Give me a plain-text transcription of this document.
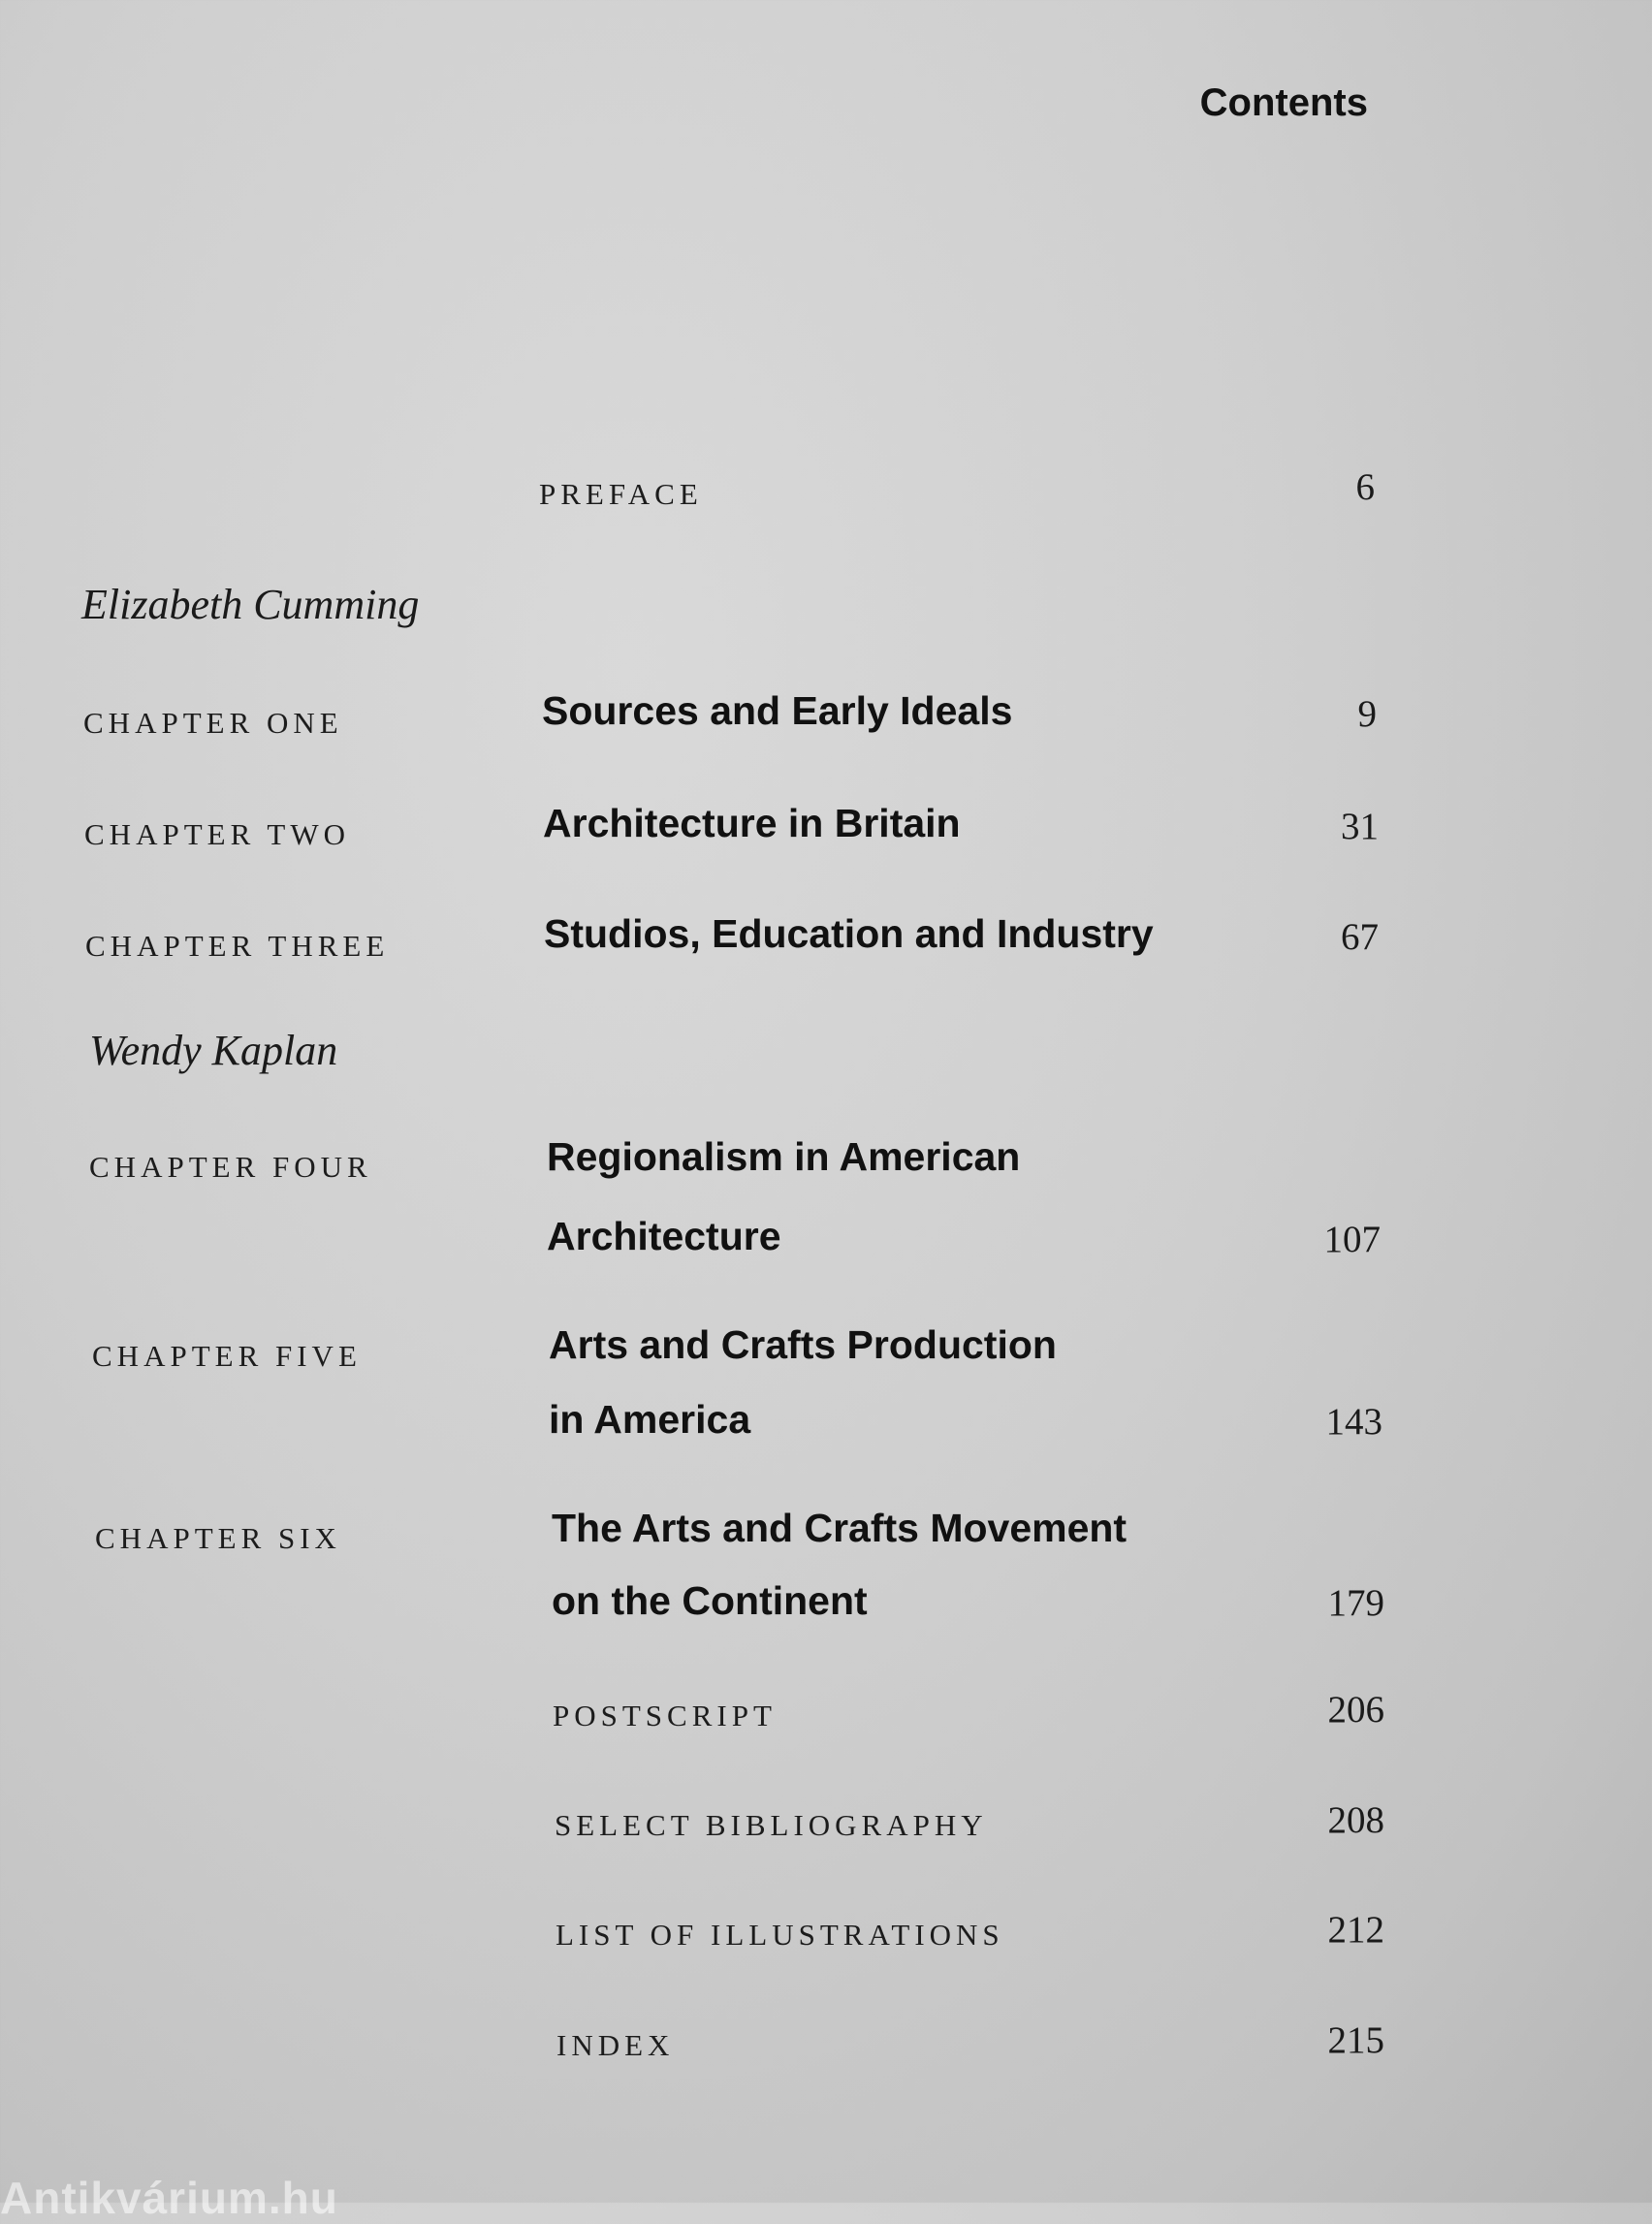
Contents
PREFACE	6
Elizabeth Cumming
CHAPTER ONE	Sources and Early Ideals	9
CHAPTER TWO	Architecture in Britain	31
CHAPTER THREE	Studios, Education and Industry	67
Wendy Kaplan
CHAPTER FOUR	Regionalism in American
Architecture	107
CHAPTER FIVE	Arts and Crafts Production
in America	143
CHAPTER SIX	The Arts and Crafts Movement
on the Continent	179
POSTSCRIPT	206
SELECT BIBLIOGRAPHY	208
LIST OF ILLUSTRATIONS	212
INDEX	215
Antikvárium.hu
